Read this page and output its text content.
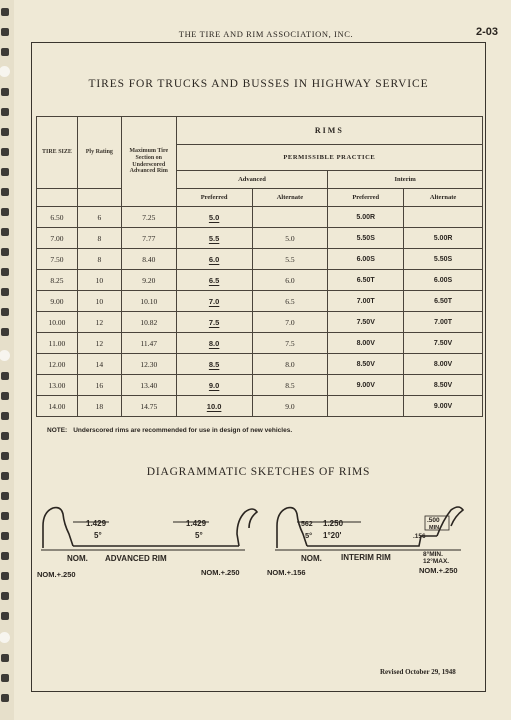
THE TIRE AND RIM ASSOCIATION, INC.	2-03
TIRES FOR TRUCKS AND BUSSES IN HIGHWAY SERVICE
TIRE SIZE	Ply Rating	Maximum Tire Section on Underscored Advanced Rim	RIMS			
			PERMISSIBLE PRACTICE			
			Advanced		Interim	
			Preferred	Alternate	Preferred	Alternate
6.50	6	7.25	5.0		5.00R	
7.00	8	7.77	5.5	5.0	5.50S	5.00R
7.50	8	8.40	6.0	5.5	6.00S	5.50S
8.25	10	9.20	6.5	6.0	6.50T	6.00S
9.00	10	10.10	7.0	6.5	7.00T	6.50T
10.00	12	10.82	7.5	7.0	7.50V	7.00T
11.00	12	11.47	8.0	7.5	8.00V	7.50V
12.00	14	12.30	8.5	8.0	8.50V	8.00V
13.00	16	13.40	9.0	8.5	9.00V	8.50V
14.00	18	14.75	10.0	9.0		9.00V
NOTE: Underscored rims are recommended for use in design of new vehicles.
DIAGRAMMATIC SKETCHES OF RIMS
1.429	1.429
5°	5°
NOM. ADVANCED RIM
NOM.+.250	NOM.+.250
.562 1.250
5° 1°20'
.500
MIN.
.156
NOM. INTERIM RIM	8°MIN.
12°MAX.
NOM.+.156	NOM.+.250
Revised October 29, 1948
